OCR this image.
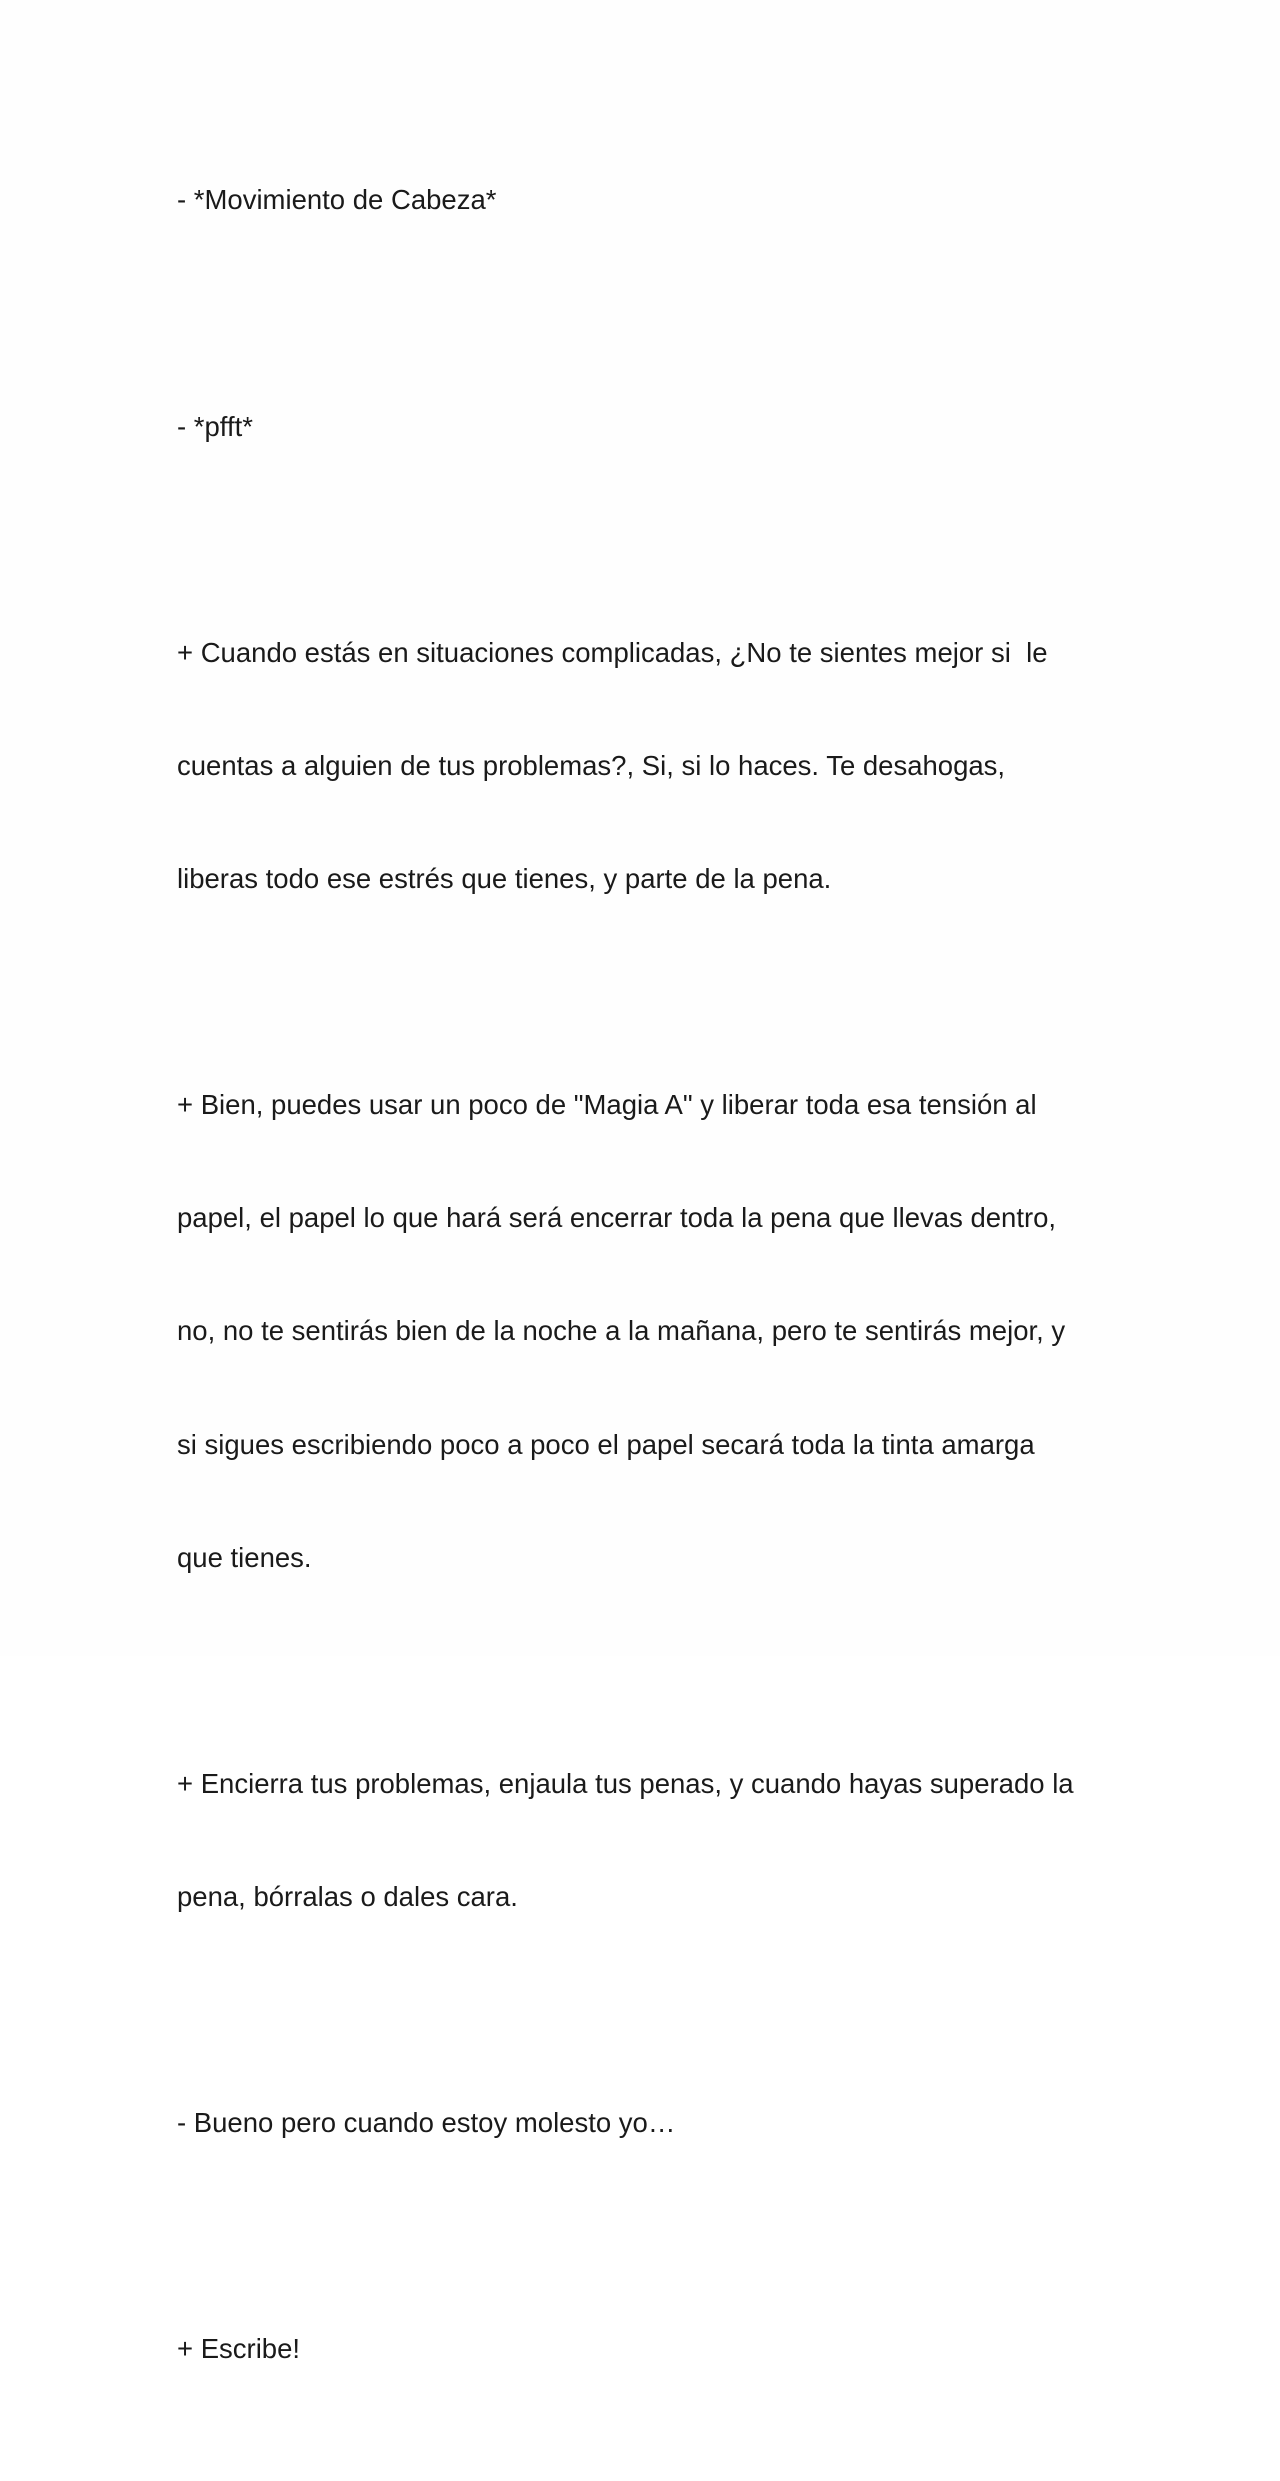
- *Movimiento de Cabeza*

- *pfft*

+ Cuando estás en situaciones complicadas, ¿No te sientes mejor si  le

cuentas a alguien de tus problemas?, Si, si lo haces. Te desahogas,

liberas todo ese estrés que tienes, y parte de la pena.

+ Bien, puedes usar un poco de "Magia A" y liberar toda esa tensión al

papel, el papel lo que hará será encerrar toda la pena que llevas dentro,

no, no te sentirás bien de la noche a la mañana, pero te sentirás mejor, y

si sigues escribiendo poco a poco el papel secará toda la tinta amarga

que tienes.

+ Encierra tus problemas, enjaula tus penas, y cuando hayas superado la

pena, bórralas o dales cara.

- Bueno pero cuando estoy molesto yo…

+ Escribe!
